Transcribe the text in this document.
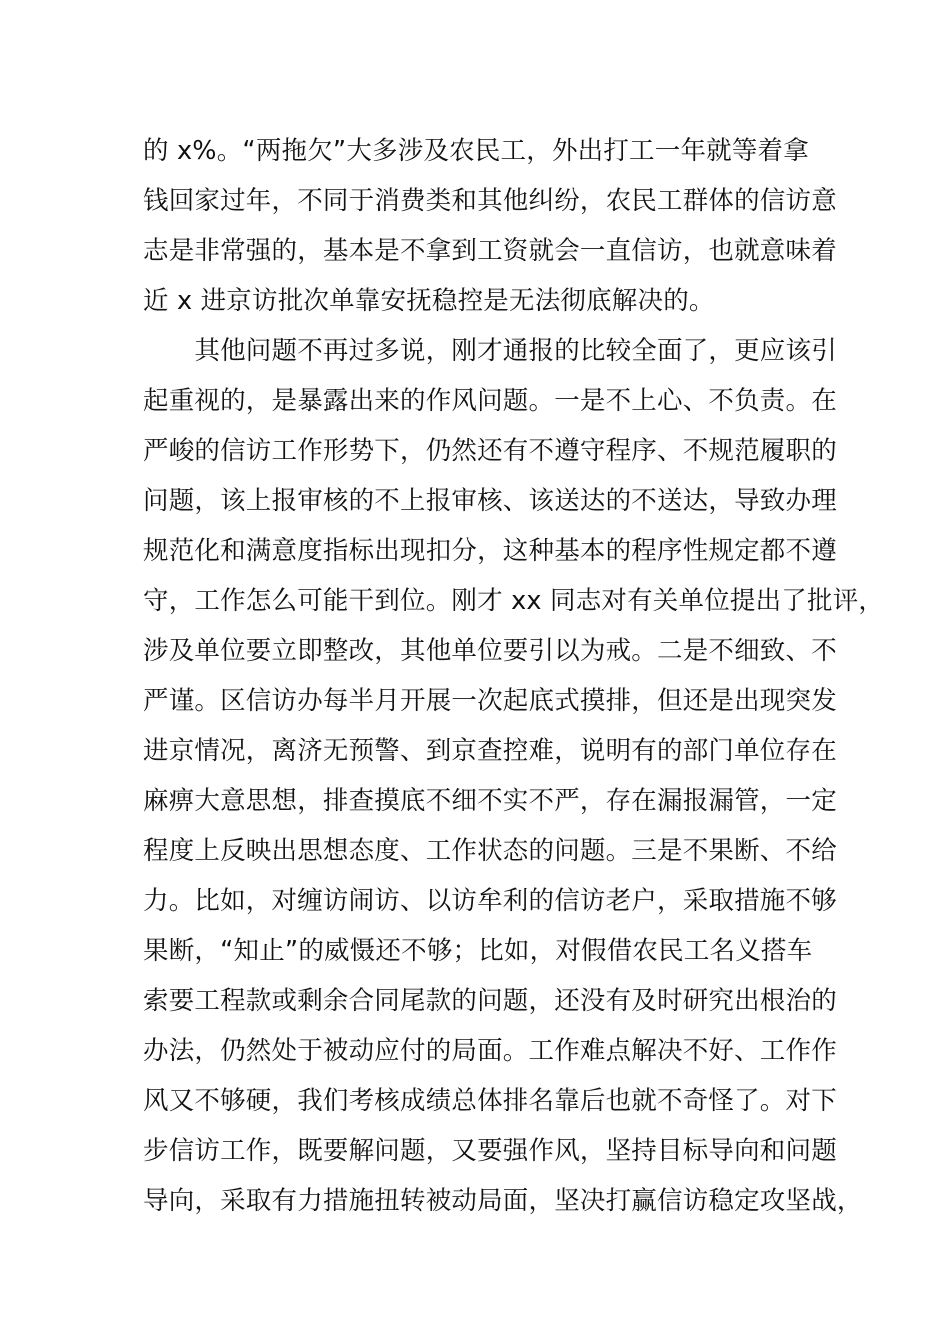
的 x%。“两拖欠”大多涉及农民工，外出打工一年就等着拿
钱回家过年，不同于消费类和其他纠纷，农民工群体的信访意
志是非常强的，基本是不拿到工资就会一直信访，也就意味着
近 x 进京访批次单靠安抚稳控是无法彻底解决的。
　　其他问题不再过多说，刚才通报的比较全面了，更应该引
起重视的，是暴露出来的作风问题。一是不上心、不负责。在
严峻的信访工作形势下，仍然还有不遵守程序、不规范履职的
问题，该上报审核的不上报审核、该送达的不送达，导致办理
规范化和满意度指标出现扣分，这种基本的程序性规定都不遵
守，工作怎么可能干到位。刚才 xx 同志对有关单位提出了批评，
涉及单位要立即整改，其他单位要引以为戒。二是不细致、不
严谨。区信访办每半月开展一次起底式摸排，但还是出现突发
进京情况，离济无预警、到京查控难，说明有的部门单位存在
麻痹大意思想，排查摸底不细不实不严，存在漏报漏管，一定
程度上反映出思想态度、工作状态的问题。三是不果断、不给
力。比如，对缠访闹访、以访牟利的信访老户，采取措施不够
果断，“知止”的威慑还不够；比如，对假借农民工名义搭车
索要工程款或剩余合同尾款的问题，还没有及时研究出根治的
办法，仍然处于被动应付的局面。工作难点解决不好、工作作
风又不够硬，我们考核成绩总体排名靠后也就不奇怪了。对下
步信访工作，既要解问题，又要强作风，坚持目标导向和问题
导向，采取有力措施扭转被动局面，坚决打赢信访稳定攻坚战，
